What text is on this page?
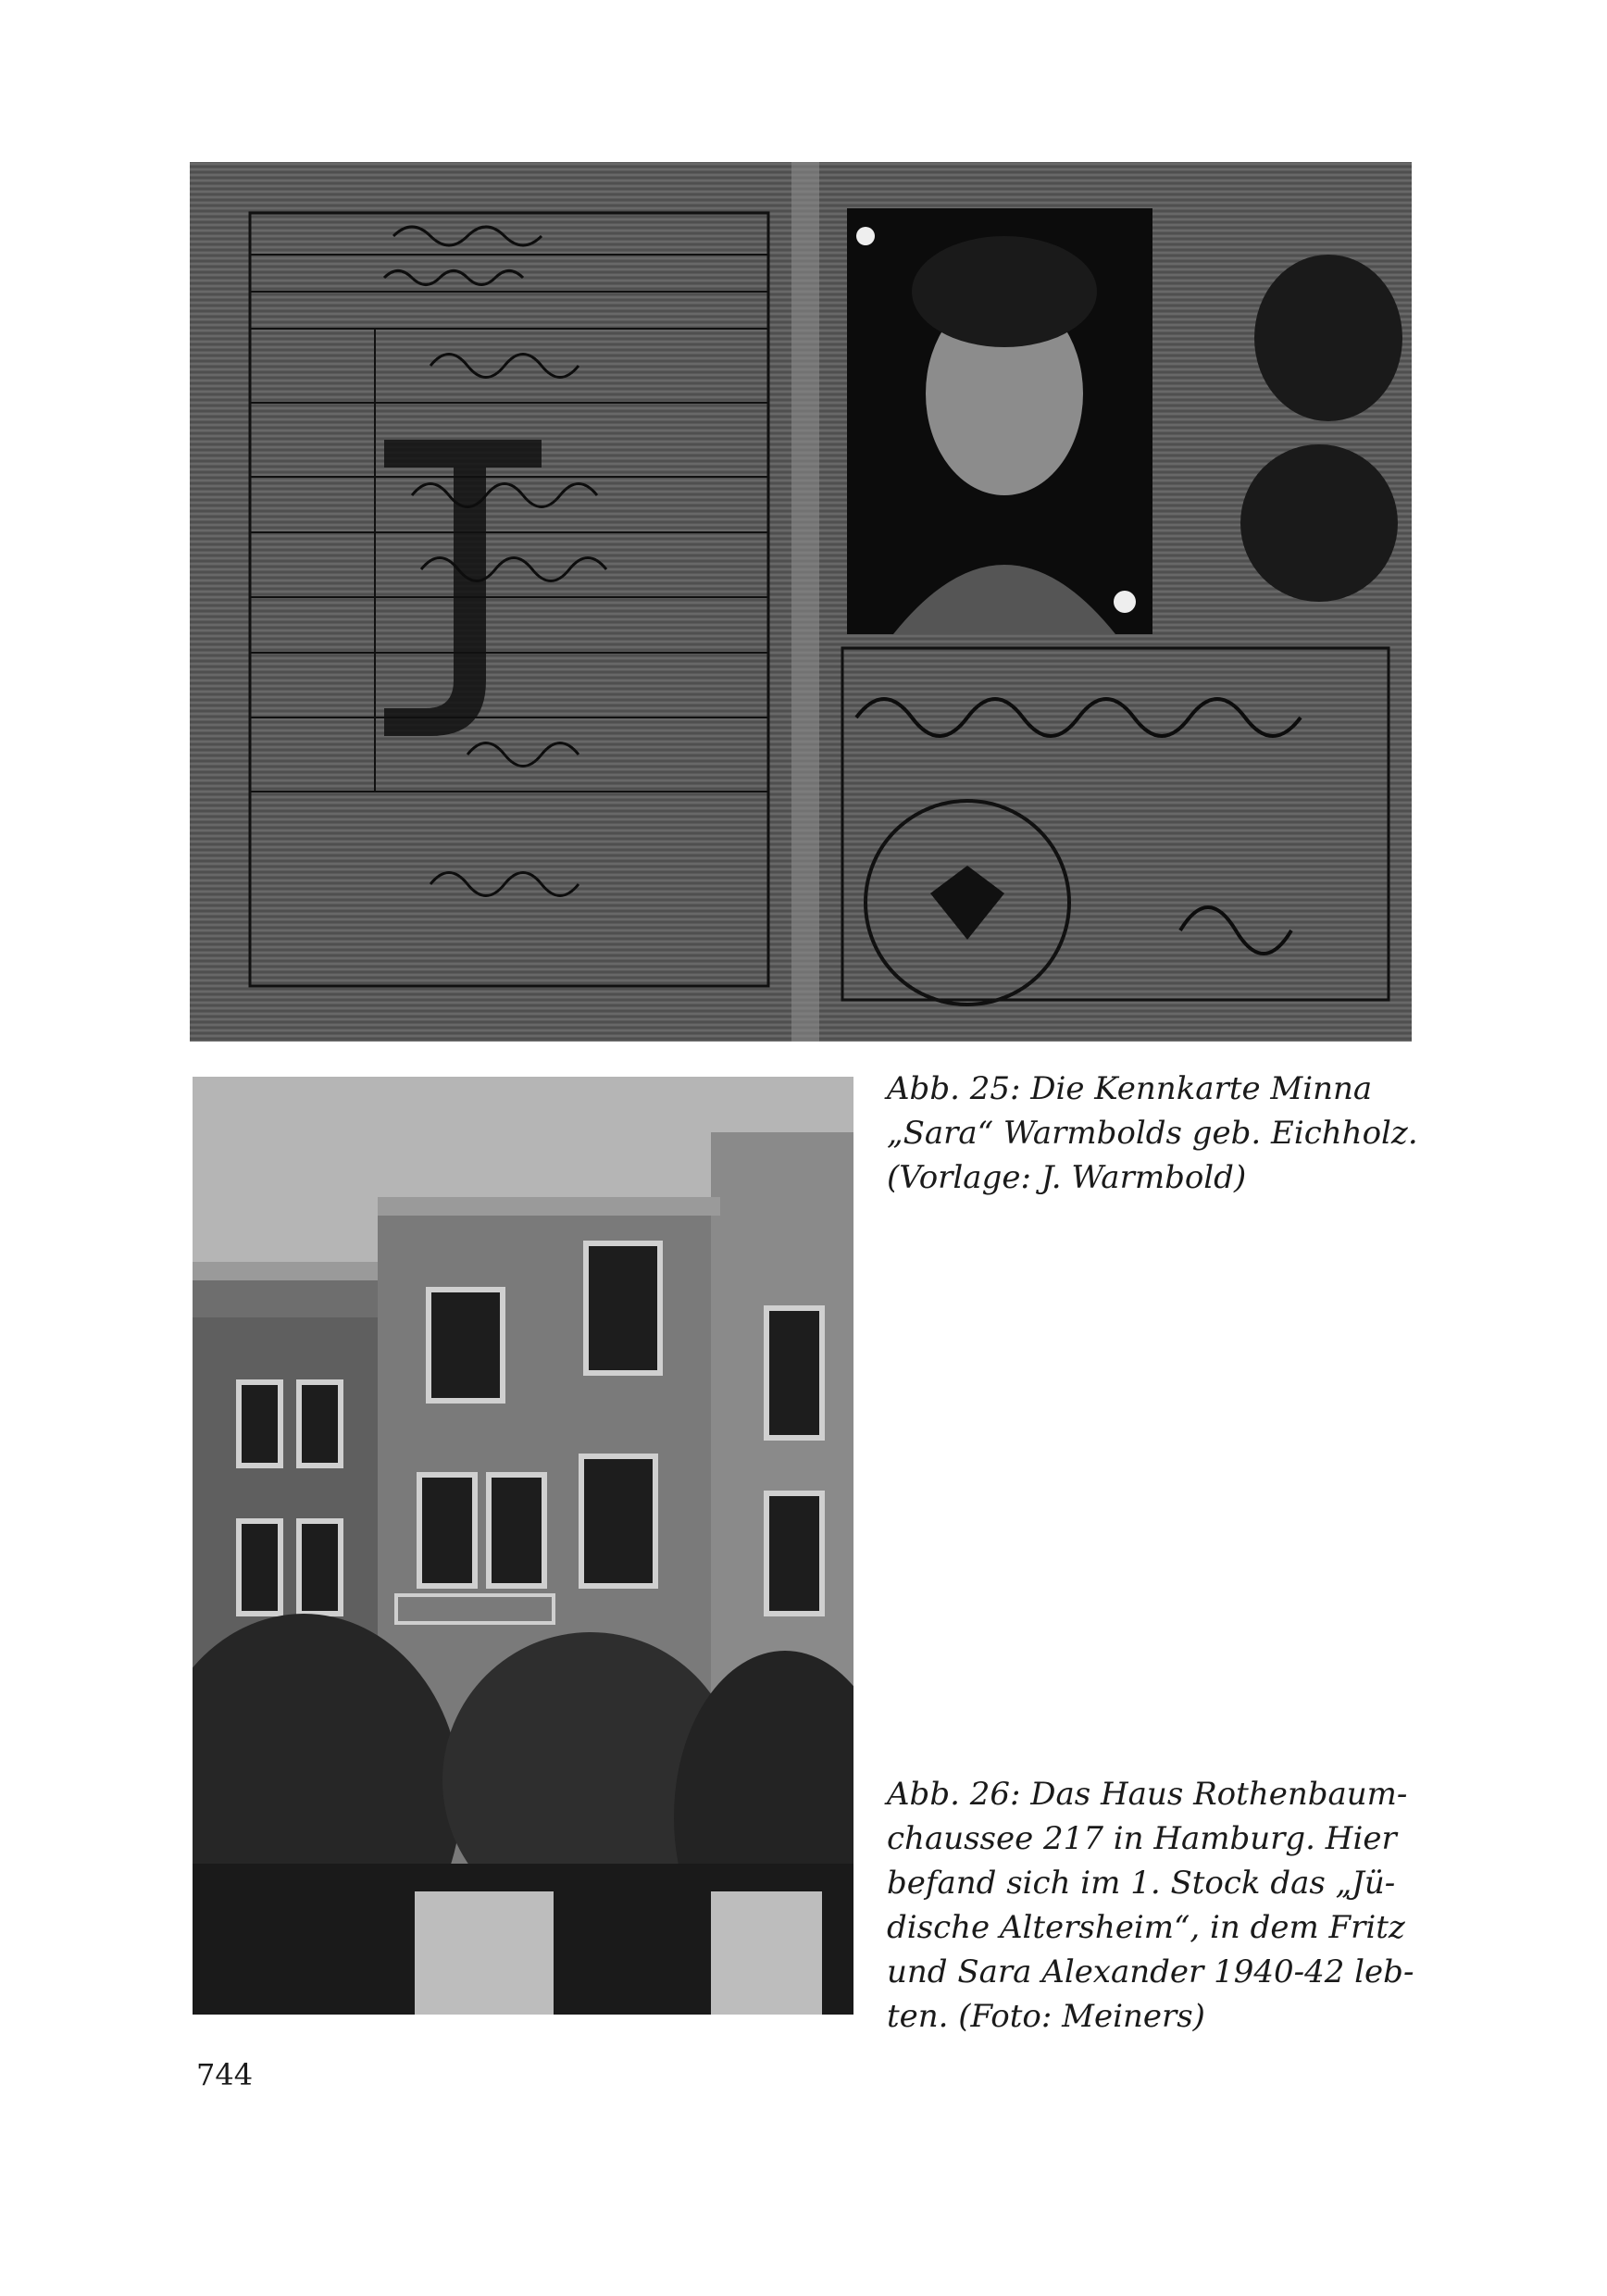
Abb. 25: Die Kennkarte Minna
„Sara“ Warmbolds geb. Eichholz.
(Vorlage: J. Warmbold)

Abb. 26: Das Haus Rothenbaum-
chaussee 217 in Hamburg. Hier
befand sich im 1. Stock das „Jü-
dische Altersheim“, in dem Fritz
und Sara Alexander 1940-42 leb-
ten. (Foto: Meiners)

744
